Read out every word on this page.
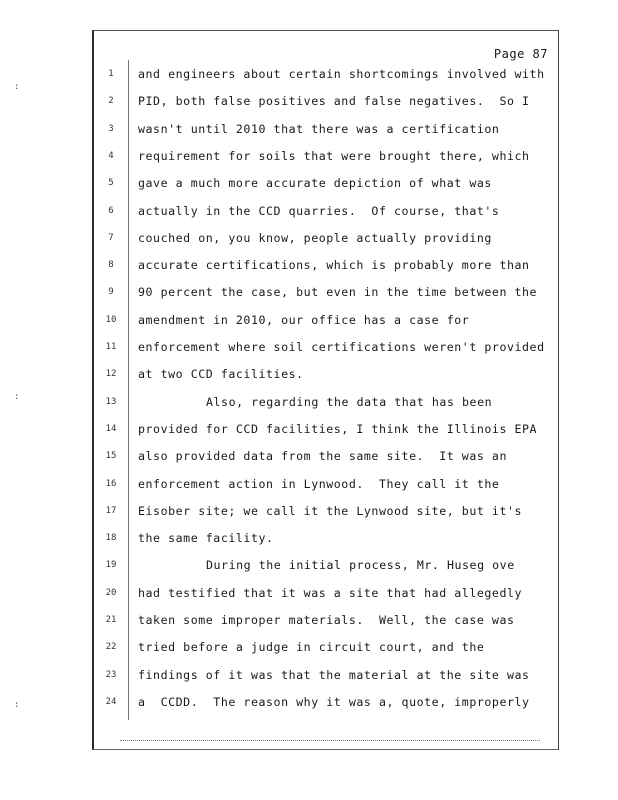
:
:
:
Page 87
1	and engineers about certain shortcomings involved with
2	PID, both false positives and false negatives.  So I
3	wasn't until 2010 that there was a certification
4	requirement for soils that were brought there, which
5	gave a much more accurate depiction of what was
6	actually in the CCD quarries.  Of course, that's
7	couched on, you know, people actually providing
8	accurate certifications, which is probably more than
9	90 percent the case, but even in the time between the
10	amendment in 2010, our office has a case for
11	enforcement where soil certifications weren't provided
12	at two CCD facilities.
13	Also, regarding the data that has been
14	provided for CCD facilities, I think the Illinois EPA
15	also provided data from the same site.  It was an
16	enforcement action in Lynwood.  They call it the
17	Eisober site; we call it the Lynwood site, but it's
18	the same facility.
19	During the initial process, Mr. Huseg ove
20	had testified that it was a site that had allegedly
21	taken some improper materials.  Well, the case was
22	tried before a judge in circuit court, and the
23	findings of it was that the material at the site was
24	a  CCDD.  The reason why it was a, quote, improperly
